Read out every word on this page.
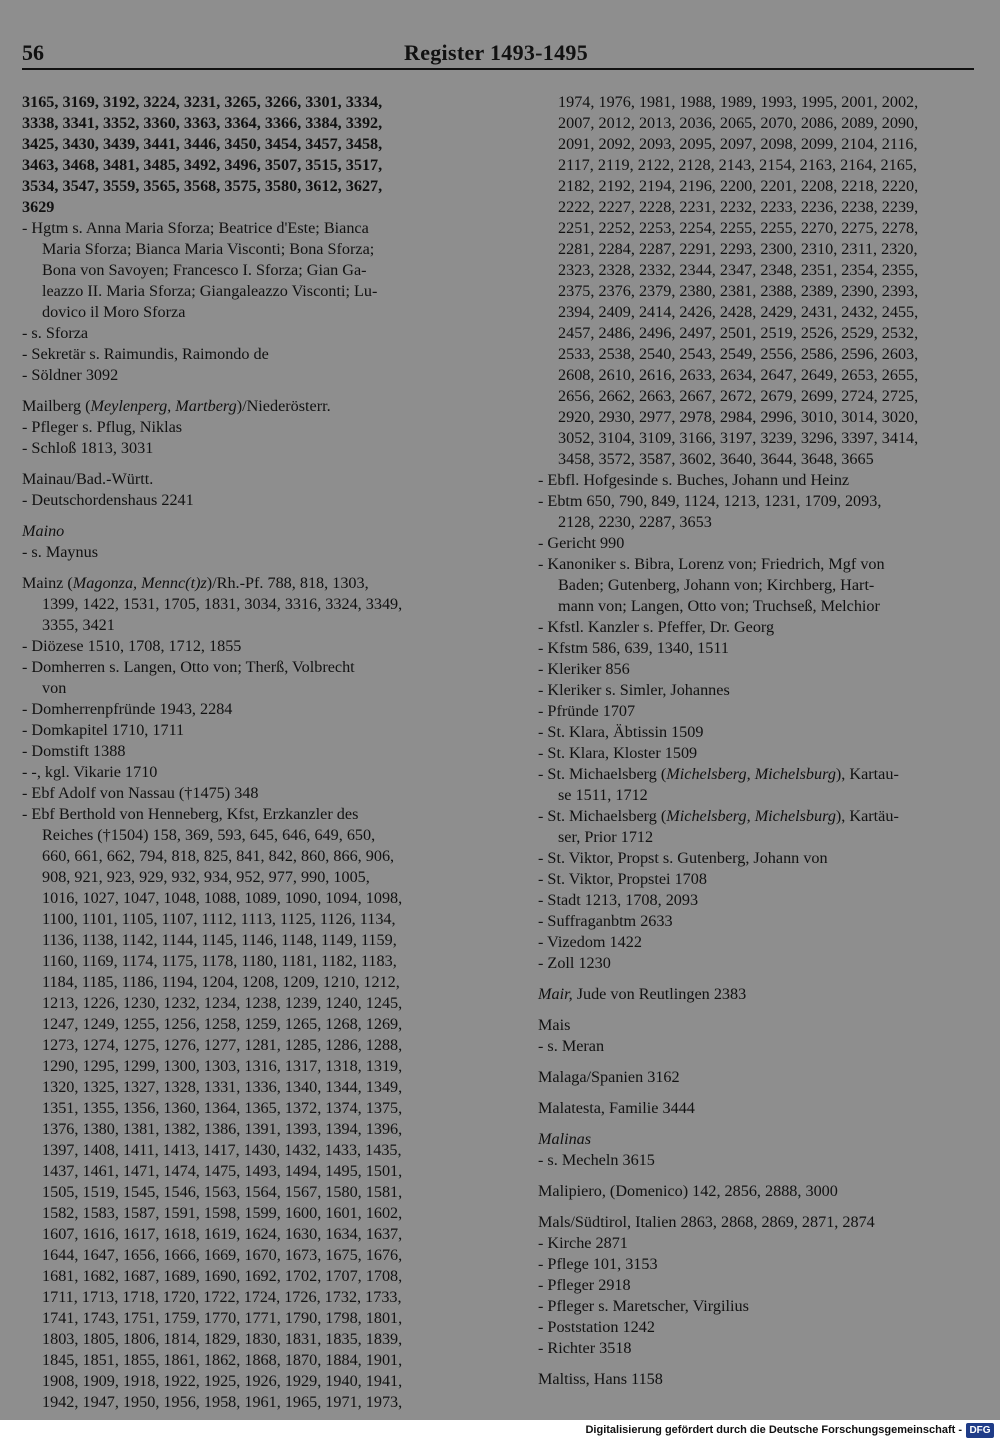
56	Register 1493-1495

3165, 3169, 3192, 3224, 3231, 3265, 3266, 3301, 3334,

3338, 3341, 3352, 3360, 3363, 3364, 3366, 3384, 3392,

3425, 3430, 3439, 3441, 3446, 3450, 3454, 3457, 3458,

3463, 3468, 3481, 3485, 3492, 3496, 3507, 3515, 3517,

3534, 3547, 3559, 3565, 3568, 3575, 3580, 3612, 3627,

3629

- Hgtm s. Anna Maria Sforza; Beatrice d'Este; Bianca

Maria Sforza; Bianca Maria Visconti; Bona Sforza;

Bona von Savoyen; Francesco I. Sforza; Gian Ga-

leazzo II. Maria Sforza; Giangaleazzo Visconti; Lu-

dovico il Moro Sforza

- s. Sforza

- Sekretär s. Raimundis, Raimondo de

- Söldner 3092

Mailberg (Meylenperg, Martberg)/Niederösterr.

- Pfleger s. Pflug, Niklas

- Schloß 1813, 3031

Mainau/Bad.-Württ.

- Deutschordenshaus 2241

Maino

- s. Maynus

Mainz (Magonza, Mennc(t)z)/Rh.-Pf. 788, 818, 1303,

1399, 1422, 1531, 1705, 1831, 3034, 3316, 3324, 3349,

3355, 3421

- Diözese 1510, 1708, 1712, 1855

- Domherren s. Langen, Otto von; Therß, Volbrecht

von

- Domherrenpfründe 1943, 2284

- Domkapitel 1710, 1711

- Domstift 1388

- -, kgl. Vikarie 1710

- Ebf Adolf von Nassau (†1475) 348

- Ebf Berthold von Henneberg, Kfst, Erzkanzler des

Reiches (†1504) 158, 369, 593, 645, 646, 649, 650,

660, 661, 662, 794, 818, 825, 841, 842, 860, 866, 906,

908, 921, 923, 929, 932, 934, 952, 977, 990, 1005,

1016, 1027, 1047, 1048, 1088, 1089, 1090, 1094, 1098,

1100, 1101, 1105, 1107, 1112, 1113, 1125, 1126, 1134,

1136, 1138, 1142, 1144, 1145, 1146, 1148, 1149, 1159,

1160, 1169, 1174, 1175, 1178, 1180, 1181, 1182, 1183,

1184, 1185, 1186, 1194, 1204, 1208, 1209, 1210, 1212,

1213, 1226, 1230, 1232, 1234, 1238, 1239, 1240, 1245,

1247, 1249, 1255, 1256, 1258, 1259, 1265, 1268, 1269,

1273, 1274, 1275, 1276, 1277, 1281, 1285, 1286, 1288,

1290, 1295, 1299, 1300, 1303, 1316, 1317, 1318, 1319,

1320, 1325, 1327, 1328, 1331, 1336, 1340, 1344, 1349,

1351, 1355, 1356, 1360, 1364, 1365, 1372, 1374, 1375,

1376, 1380, 1381, 1382, 1386, 1391, 1393, 1394, 1396,

1397, 1408, 1411, 1413, 1417, 1430, 1432, 1433, 1435,

1437, 1461, 1471, 1474, 1475, 1493, 1494, 1495, 1501,

1505, 1519, 1545, 1546, 1563, 1564, 1567, 1580, 1581,

1582, 1583, 1587, 1591, 1598, 1599, 1600, 1601, 1602,

1607, 1616, 1617, 1618, 1619, 1624, 1630, 1634, 1637,

1644, 1647, 1656, 1666, 1669, 1670, 1673, 1675, 1676,

1681, 1682, 1687, 1689, 1690, 1692, 1702, 1707, 1708,

1711, 1713, 1718, 1720, 1722, 1724, 1726, 1732, 1733,

1741, 1743, 1751, 1759, 1770, 1771, 1790, 1798, 1801,

1803, 1805, 1806, 1814, 1829, 1830, 1831, 1835, 1839,

1845, 1851, 1855, 1861, 1862, 1868, 1870, 1884, 1901,

1908, 1909, 1918, 1922, 1925, 1926, 1929, 1940, 1941,

1942, 1947, 1950, 1956, 1958, 1961, 1965, 1971, 1973,

1974, 1976, 1981, 1988, 1989, 1993, 1995, 2001, 2002,

2007, 2012, 2013, 2036, 2065, 2070, 2086, 2089, 2090,

2091, 2092, 2093, 2095, 2097, 2098, 2099, 2104, 2116,

2117, 2119, 2122, 2128, 2143, 2154, 2163, 2164, 2165,

2182, 2192, 2194, 2196, 2200, 2201, 2208, 2218, 2220,

2222, 2227, 2228, 2231, 2232, 2233, 2236, 2238, 2239,

2251, 2252, 2253, 2254, 2255, 2255, 2270, 2275, 2278,

2281, 2284, 2287, 2291, 2293, 2300, 2310, 2311, 2320,

2323, 2328, 2332, 2344, 2347, 2348, 2351, 2354, 2355,

2375, 2376, 2379, 2380, 2381, 2388, 2389, 2390, 2393,

2394, 2409, 2414, 2426, 2428, 2429, 2431, 2432, 2455,

2457, 2486, 2496, 2497, 2501, 2519, 2526, 2529, 2532,

2533, 2538, 2540, 2543, 2549, 2556, 2586, 2596, 2603,

2608, 2610, 2616, 2633, 2634, 2647, 2649, 2653, 2655,

2656, 2662, 2663, 2667, 2672, 2679, 2699, 2724, 2725,

2920, 2930, 2977, 2978, 2984, 2996, 3010, 3014, 3020,

3052, 3104, 3109, 3166, 3197, 3239, 3296, 3397, 3414,

3458, 3572, 3587, 3602, 3640, 3644, 3648, 3665

- Ebfl. Hofgesinde s. Buches, Johann und Heinz

- Ebtm 650, 790, 849, 1124, 1213, 1231, 1709, 2093,

2128, 2230, 2287, 3653

- Gericht 990

- Kanoniker s. Bibra, Lorenz von; Friedrich, Mgf von

Baden; Gutenberg, Johann von; Kirchberg, Hart-

mann von; Langen, Otto von; Truchseß, Melchior

- Kfstl. Kanzler s. Pfeffer, Dr. Georg

- Kfstm 586, 639, 1340, 1511

- Kleriker 856

- Kleriker s. Simler, Johannes

- Pfründe 1707

- St. Klara, Äbtissin 1509

- St. Klara, Kloster 1509

- St. Michaelsberg (Michelsberg, Michelsburg), Kartau-

se 1511, 1712

- St. Michaelsberg (Michelsberg, Michelsburg), Kartäu-

ser, Prior 1712

- St. Viktor, Propst s. Gutenberg, Johann von

- St. Viktor, Propstei 1708

- Stadt 1213, 1708, 2093

- Suffraganbtm 2633

- Vizedom 1422

- Zoll 1230

Mair, Jude von Reutlingen 2383

Mais

- s. Meran

Malaga/Spanien 3162

Malatesta, Familie 3444

Malinas

- s. Mecheln 3615

Malipiero, (Domenico) 142, 2856, 2888, 3000

Mals/Südtirol, Italien 2863, 2868, 2869, 2871, 2874

- Kirche 2871

- Pflege 101, 3153

- Pfleger 2918

- Pfleger s. Maretscher, Virgilius

- Poststation 1242

- Richter 3518

Maltiss, Hans 1158

Digitalisierung gefördert durch die Deutsche Forschungsgemeinschaft - DFG
